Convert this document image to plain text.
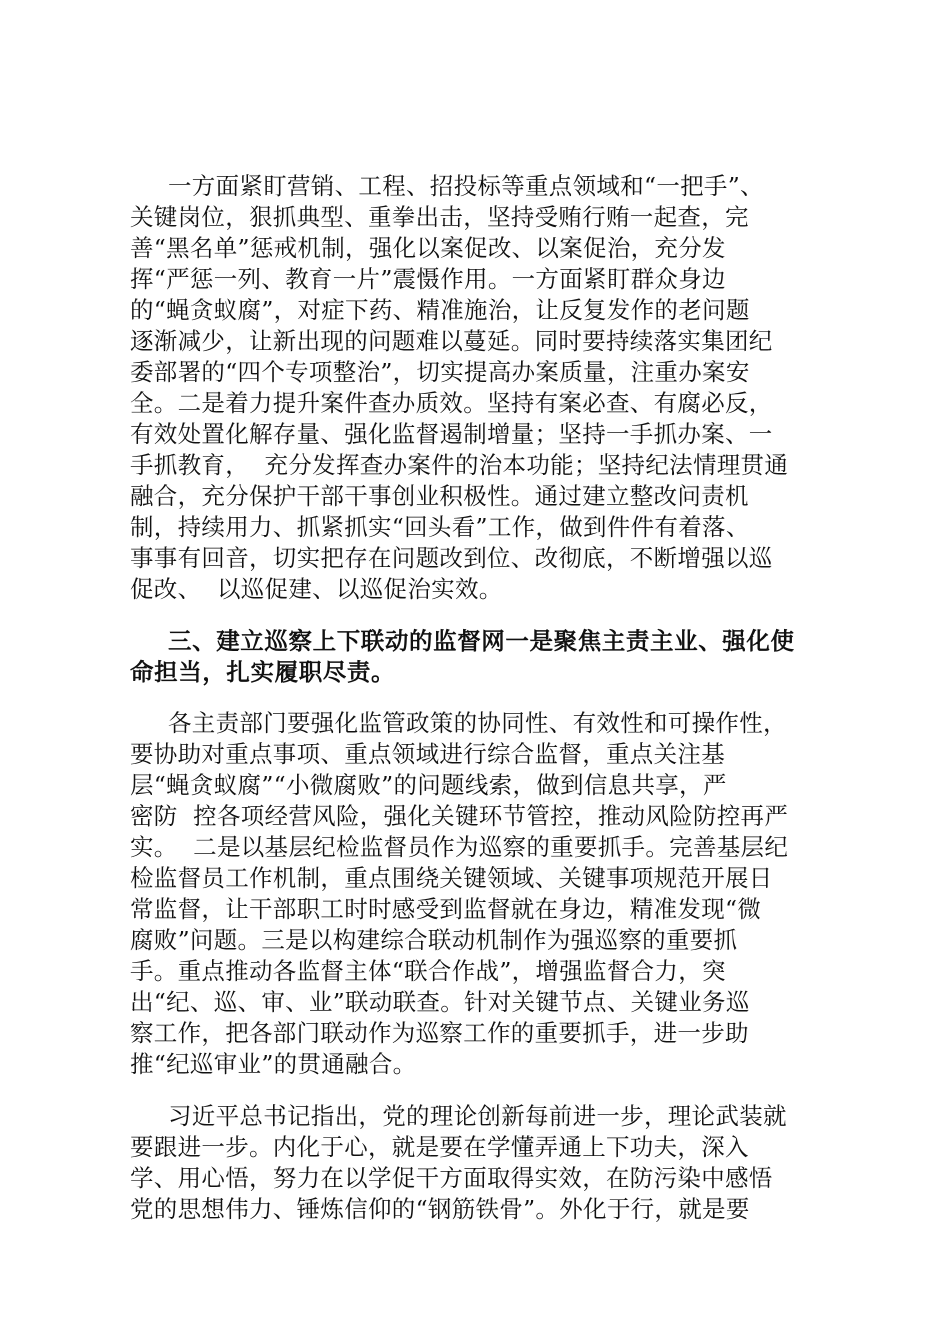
一方面紧盯营销、工程、招投标等重点领域和“一把手”、
关键岗位，狠抓典型、重拳出击，坚持受贿行贿一起查，完
善“黑名单”惩戒机制，强化以案促改、以案促治，充分发
挥“严惩一列、教育一片”震慑作用。一方面紧盯群众身边
的“蝇贪蚁腐”，对症下药、精准施治，让反复发作的老问题
逐渐减少，让新出现的问题难以蔓延。同时要持续落实集团纪
委部署的“四个专项整治”，切实提高办案质量，注重办案安
全。二是着力提升案件查办质效。坚持有案必查、有腐必反，
有效处置化解存量、强化监督遏制增量；坚持一手抓办案、一
手抓教育，  充分发挥查办案件的治本功能；坚持纪法情理贯通
融合，充分保护干部干事创业积极性。通过建立整改问责机
制，持续用力、抓紧抓实“回头看”工作，做到件件有着落、
事事有回音，切实把存在问题改到位、改彻底，不断增强以巡
促改、  以巡促建、以巡促治实效。
三、建立巡察上下联动的监督网一是聚焦主责主业、强化使
命担当，扎实履职尽责。
各主责部门要强化监管政策的协同性、有效性和可操作性，
要协助对重点事项、重点领域进行综合监督，重点关注基
层“蝇贪蚁腐”“小微腐败”的问题线索，做到信息共享，严
密防  控各项经营风险，强化关键环节管控，推动风险防控再严
实。  二是以基层纪检监督员作为巡察的重要抓手。完善基层纪
检监督员工作机制，重点围绕关键领域、关键事项规范开展日
常监督，让干部职工时时感受到监督就在身边，精准发现“微
腐败”问题。三是以构建综合联动机制作为强巡察的重要抓
手。重点推动各监督主体“联合作战”，增强监督合力，突
出“纪、巡、审、业”联动联查。针对关键节点、关键业务巡
察工作，把各部门联动作为巡察工作的重要抓手，进一步助
推“纪巡审业”的贯通融合。
习近平总书记指出，党的理论创新每前进一步，理论武装就
要跟进一步。内化于心，就是要在学懂弄通上下功夫，深入
学、用心悟，努力在以学促干方面取得实效，在防污染中感悟
党的思想伟力、锤炼信仰的“钢筋铁骨”。外化于行，就是要
